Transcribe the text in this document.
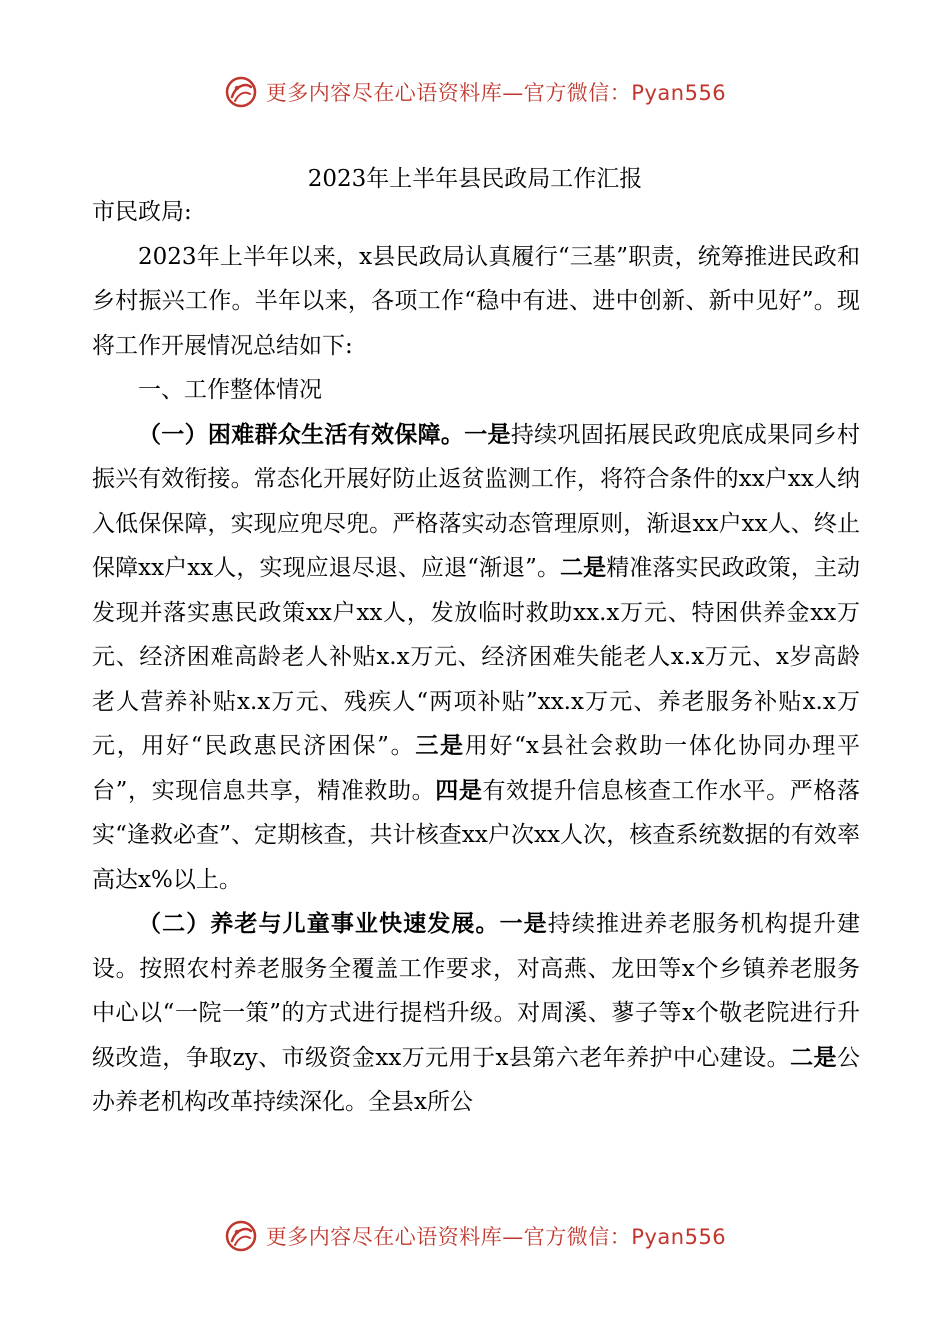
更多内容尽在心语资料库—官方微信：Pyan556
2023年上半年县民政局工作汇报

市民政局:

2023年上半年以来，x县民政局认真履行“三基”职责，统筹推进民政和乡村振兴工作。半年以来，各项工作“稳中有进、进中创新、新中见好”。现将工作开展情况总结如下:

一、工作整体情况

（一）困难群众生活有效保障。一是持续巩固拓展民政兜底成果同乡村振兴有效衔接。常态化开展好防止返贫监测工作，将符合条件的xx户xx人纳入低保保障，实现应兜尽兜。严格落实动态管理原则，渐退xx户xx人、终止保障xx户xx人，实现应退尽退、应退“渐退”。二是精准落实民政政策，主动发现并落实惠民政策xx户xx人，发放临时救助xx.x万元、特困供养金xx万元、经济困难高龄老人补贴x.x万元、经济困难失能老人x.x万元、x岁高龄老人营养补贴x.x万元、残疾人“两项补贴”xx.x万元、养老服务补贴x.x万元，用好“民政惠民济困保”。三是用好“x县社会救助一体化协同办理平台”，实现信息共享，精准救助。四是有效提升信息核查工作水平。严格落实“逢救必查”、定期核查，共计核查xx户次xx人次，核查系统数据的有效率高达x%以上。

（二）养老与儿童事业快速发展。一是持续推进养老服务机构提升建设。按照农村养老服务全覆盖工作要求，对高燕、龙田等x个乡镇养老服务中心以“一院一策”的方式进行提档升级。对周溪、蓼子等x个敬老院进行升级改造，争取zy、市级资金xx万元用于x县第六老年养护中心建设。二是公办养老机构改革持续深化。全县x所公

更多内容尽在心语资料库—官方微信：Pyan556
